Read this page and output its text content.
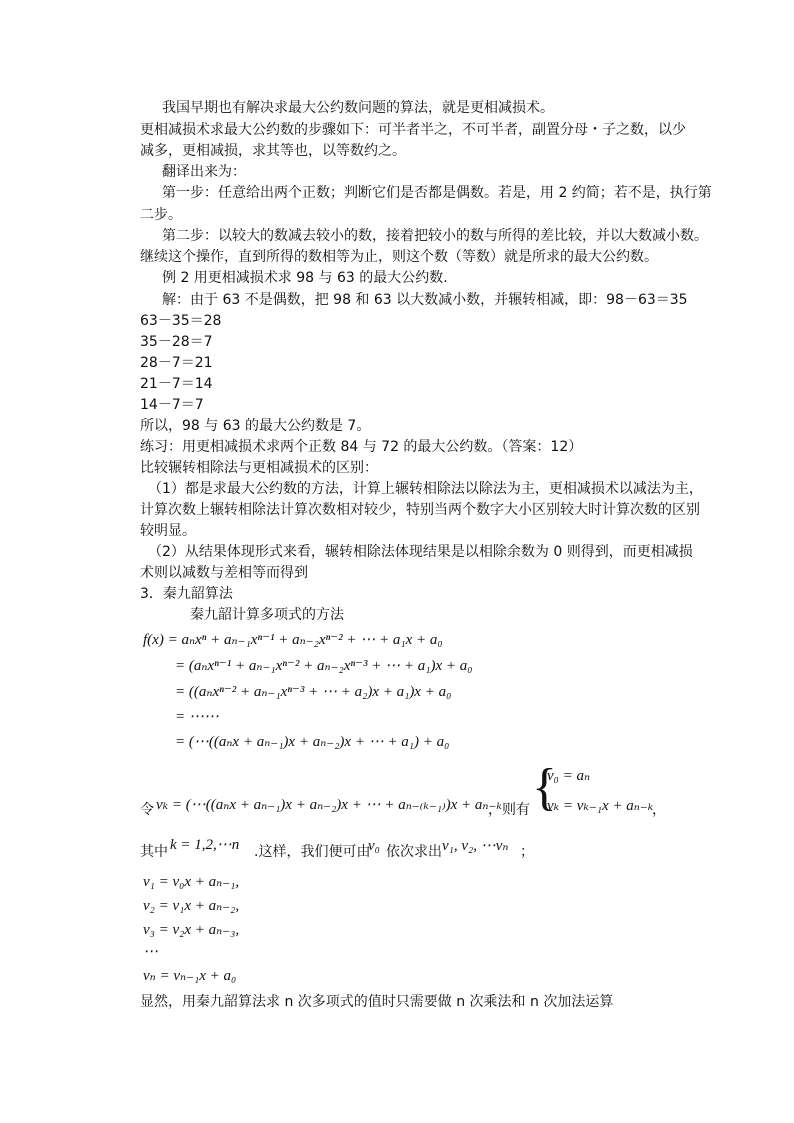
我国早期也有解决求最大公约数问题的算法，就是更相减损术。
更相减损术求最大公约数的步骤如下：可半者半之，不可半者，副置分母・子之数，以少
减多，更相减损，求其等也，以等数约之。
翻译出来为：
第一步：任意给出两个正数；判断它们是否都是偶数。若是，用 2 约简；若不是，执行第
二步。
第二步：以较大的数减去较小的数，接着把较小的数与所得的差比较，并以大数减小数。
继续这个操作，直到所得的数相等为止，则这个数（等数）就是所求的最大公约数。
例 2 用更相减损术求 98 与 63 的最大公约数.
解：由于 63 不是偶数，把 98 和 63 以大数减小数，并辗转相减，即：98－63＝35
63－35＝28
35－28＝7
28－7＝21
21－7＝14
14－7＝7
所以，98 与 63 的最大公约数是 7。
练习：用更相减损术求两个正数 84 与 72 的最大公约数。（答案：12）
比较辗转相除法与更相减损术的区别：
（1）都是求最大公约数的方法，计算上辗转相除法以除法为主，更相减损术以减法为主，
计算次数上辗转相除法计算次数相对较少，特别当两个数字大小区别较大时计算次数的区别
较明显。
（2）从结果体现形式来看，辗转相除法体现结果是以相除余数为 0 则得到，而更相减损
术则以减数与差相等而得到
3．秦九韶算法
秦九韶计算多项式的方法
f(x) = aₙxⁿ + aₙ₋₁xⁿ⁻¹ + aₙ₋₂xⁿ⁻² + ⋯ + a₁x + a₀
= (aₙxⁿ⁻¹ + aₙ₋₁xⁿ⁻² + aₙ₋₂xⁿ⁻³ + ⋯ + a₁)x + a₀
= ((aₙxⁿ⁻² + aₙ₋₁xⁿ⁻³ + ⋯ + a₂)x + a₁)x + a₀
= ⋯⋯
= (⋯((aₙx + aₙ₋₁)x + aₙ₋₂)x + ⋯ + a₁) + a₀
令 vₖ = (⋯((aₙx + aₙ₋₁)x + aₙ₋₂)x + ⋯ + aₙ₋₍ₖ₋₁₎)x + aₙ₋ₖ
，则有 {
v₀ = aₙ
vₖ = vₖ₋₁x + aₙ₋ₖ
，
其中 k = 1,2,⋯n .这样，我们便可由
v₀ 依次求出 v₁, v₂, ⋯vₙ ；
v₁ = v₀x + aₙ₋₁,
v₂ = v₁x + aₙ₋₂,
v₃ = v₂x + aₙ₋₃,
⋯
vₙ = vₙ₋₁x + a₀
显然，用秦九韶算法求 n 次多项式的值时只需要做 n 次乘法和 n 次加法运算
